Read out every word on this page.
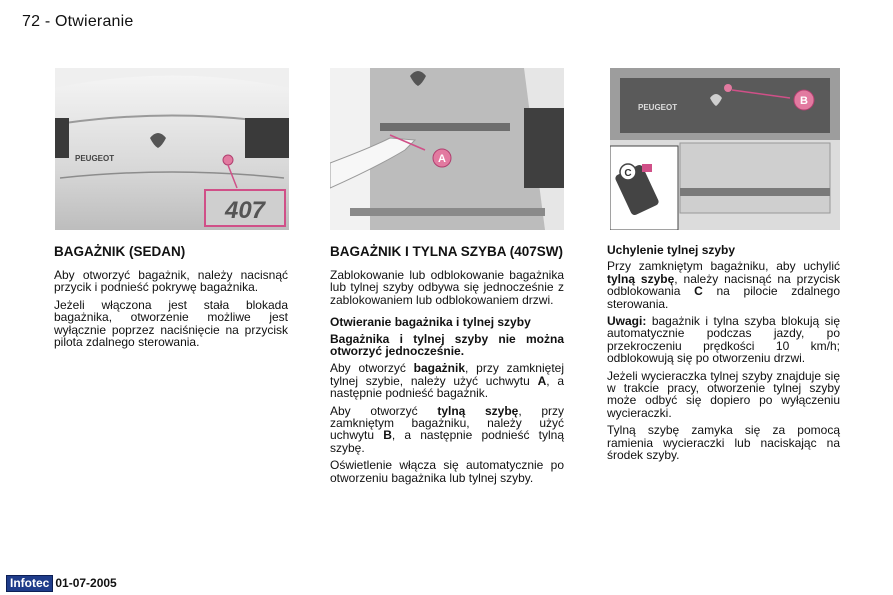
72 - Otwieranie
PEUGEOT
407
A
PEUGEOT
B
C
BAGAŻNIK (SEDAN)

Aby otworzyć bagażnik, należy nacisnąć przycik i podnieść pokrywę bagażnika.

Jeżeli włączona jest stała blokada bagażnika, otworzenie możliwe jest wyłącznie poprzez naciśnięcie na przycisk pilota zdalnego sterowania.

BAGAŻNIK I TYLNA SZYBA (407SW)

Zablokowanie lub odblokowanie bagażnika lub tylnej szyby odbywa się jednocześnie z zablokowaniem lub odblokowaniem drzwi.

Otwieranie bagażnika i tylnej szyby

Bagażnika i tylnej szyby nie można otworzyć jednocześnie.

Aby otworzyć bagażnik, przy zamkniętej tylnej szybie, należy użyć uchwytu A, a następnie podnieść bagażnik.

Aby otworzyć tylną szybę, przy zamkniętym bagażniku, należy użyć uchwytu B, a następnie podnieść tylną szybę.

Oświetlenie włącza się automatycznie po otworzeniu bagażnika lub tylnej szyby.

Uchylenie tylnej szyby

Przy zamkniętym bagażniku, aby uchylić tylną szybę, należy nacisnąć na przycisk odblokowania C na pilocie zdalnego sterowania.

Uwagi: bagażnik i tylna szyba blokują się automatycznie podczas jazdy, po przekroczeniu prędkości 10 km/h; odblokowują się po otworzeniu drzwi.

Jeżeli wycieraczka tylnej szyby znajduje się w trakcie pracy, otworzenie tylnej szyby może odbyć się dopiero po wyłączeniu wycieraczki.

Tylną szybę zamyka się za pomocą ramienia wycieraczki lub naciskając na środek szyby.

Infotec 01-07-2005
